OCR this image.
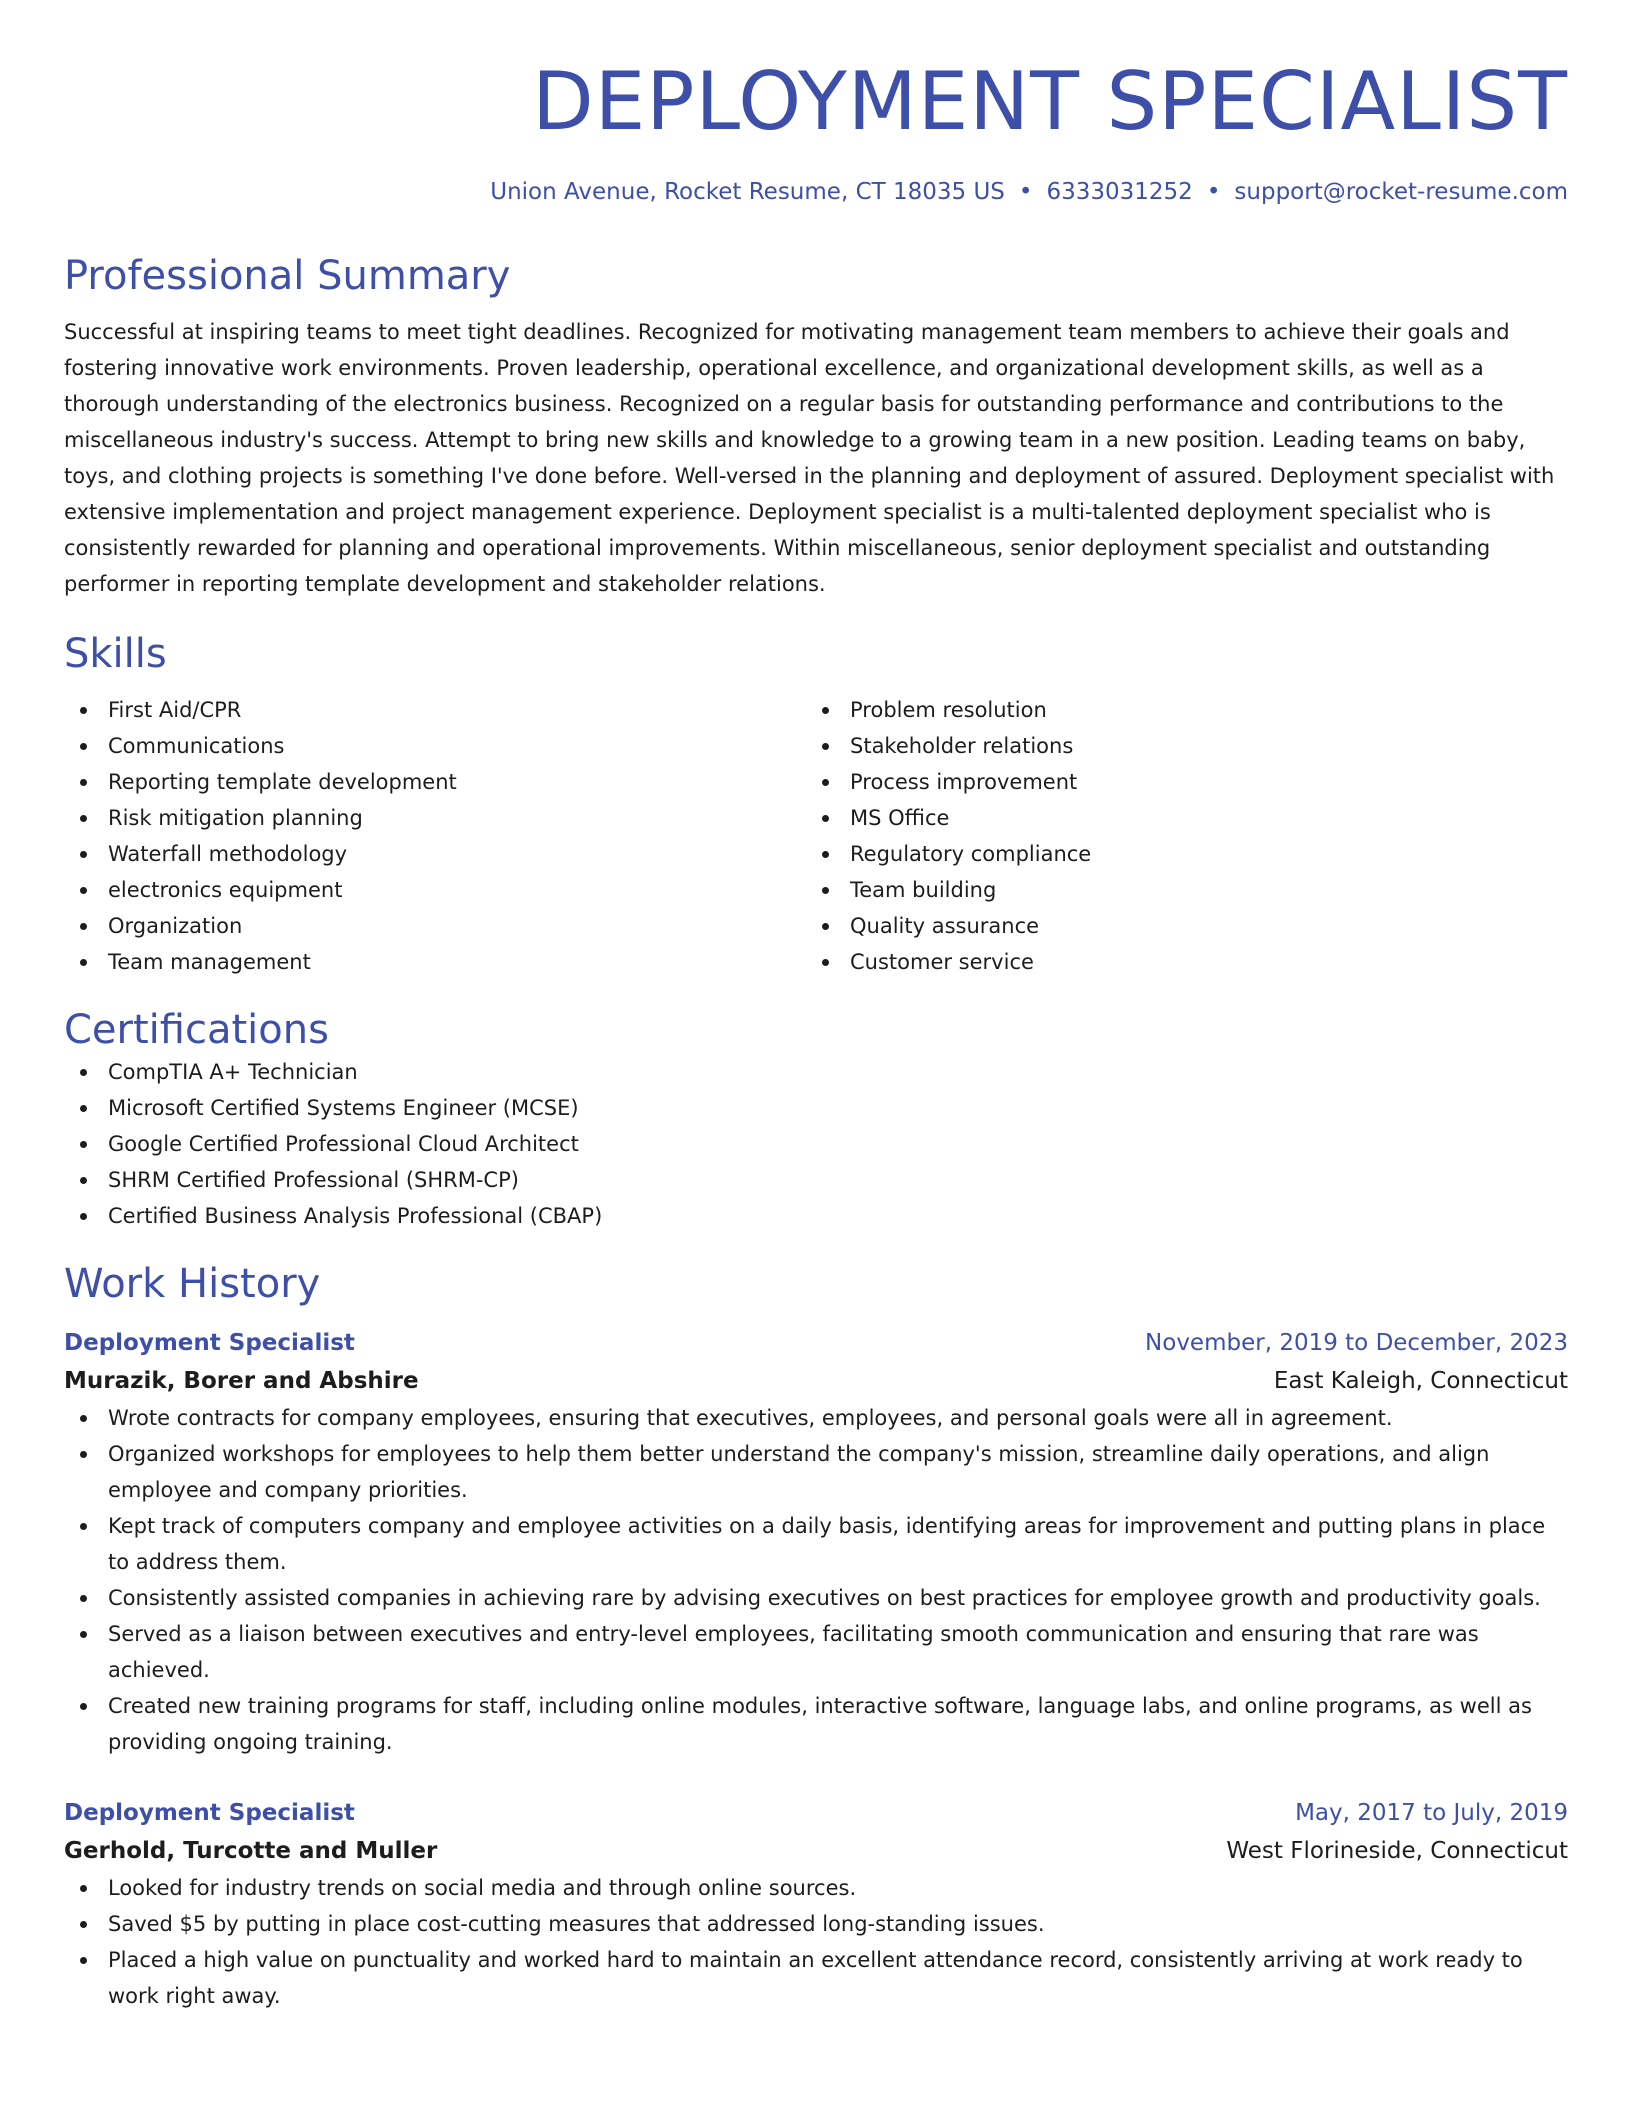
DEPLOYMENT SPECIALIST
Union Avenue, Rocket Resume, CT 18035 US • 6333031252 • support@rocket-resume.com
Professional Summary
Successful at inspiring teams to meet tight deadlines. Recognized for motivating management team members to achieve their goals and fostering innovative work environments. Proven leadership, operational excellence, and organizational development skills, as well as a thorough understanding of the electronics business. Recognized on a regular basis for outstanding performance and contributions to the miscellaneous industry's success. Attempt to bring new skills and knowledge to a growing team in a new position. Leading teams on baby, toys, and clothing projects is something I've done before. Well-versed in the planning and deployment of assured. Deployment specialist with extensive implementation and project management experience. Deployment specialist is a multi-talented deployment specialist who is consistently rewarded for planning and operational improvements. Within miscellaneous, senior deployment specialist and outstanding performer in reporting template development and stakeholder relations.
Skills
First Aid/CPR
Communications
Reporting template development
Risk mitigation planning
Waterfall methodology
electronics equipment
Organization
Team management
Problem resolution
Stakeholder relations
Process improvement
MS Office
Regulatory compliance
Team building
Quality assurance
Customer service
Certifications
CompTIA A+ Technician
Microsoft Certified Systems Engineer (MCSE)
Google Certified Professional Cloud Architect
SHRM Certified Professional (SHRM-CP)
Certified Business Analysis Professional (CBAP)
Work History
Deployment Specialist	November, 2019 to December, 2023
Murazik, Borer and Abshire	East Kaleigh, Connecticut
Wrote contracts for company employees, ensuring that executives, employees, and personal goals were all in agreement.
Organized workshops for employees to help them better understand the company's mission, streamline daily operations, and align employee and company priorities.
Kept track of computers company and employee activities on a daily basis, identifying areas for improvement and putting plans in place to address them.
Consistently assisted companies in achieving rare by advising executives on best practices for employee growth and productivity goals.
Served as a liaison between executives and entry-level employees, facilitating smooth communication and ensuring that rare was achieved.
Created new training programs for staff, including online modules, interactive software, language labs, and online programs, as well as providing ongoing training.
Deployment Specialist	May, 2017 to July, 2019
Gerhold, Turcotte and Muller	West Florineside, Connecticut
Looked for industry trends on social media and through online sources.
Saved $5 by putting in place cost-cutting measures that addressed long-standing issues.
Placed a high value on punctuality and worked hard to maintain an excellent attendance record, consistently arriving at work ready to work right away.
